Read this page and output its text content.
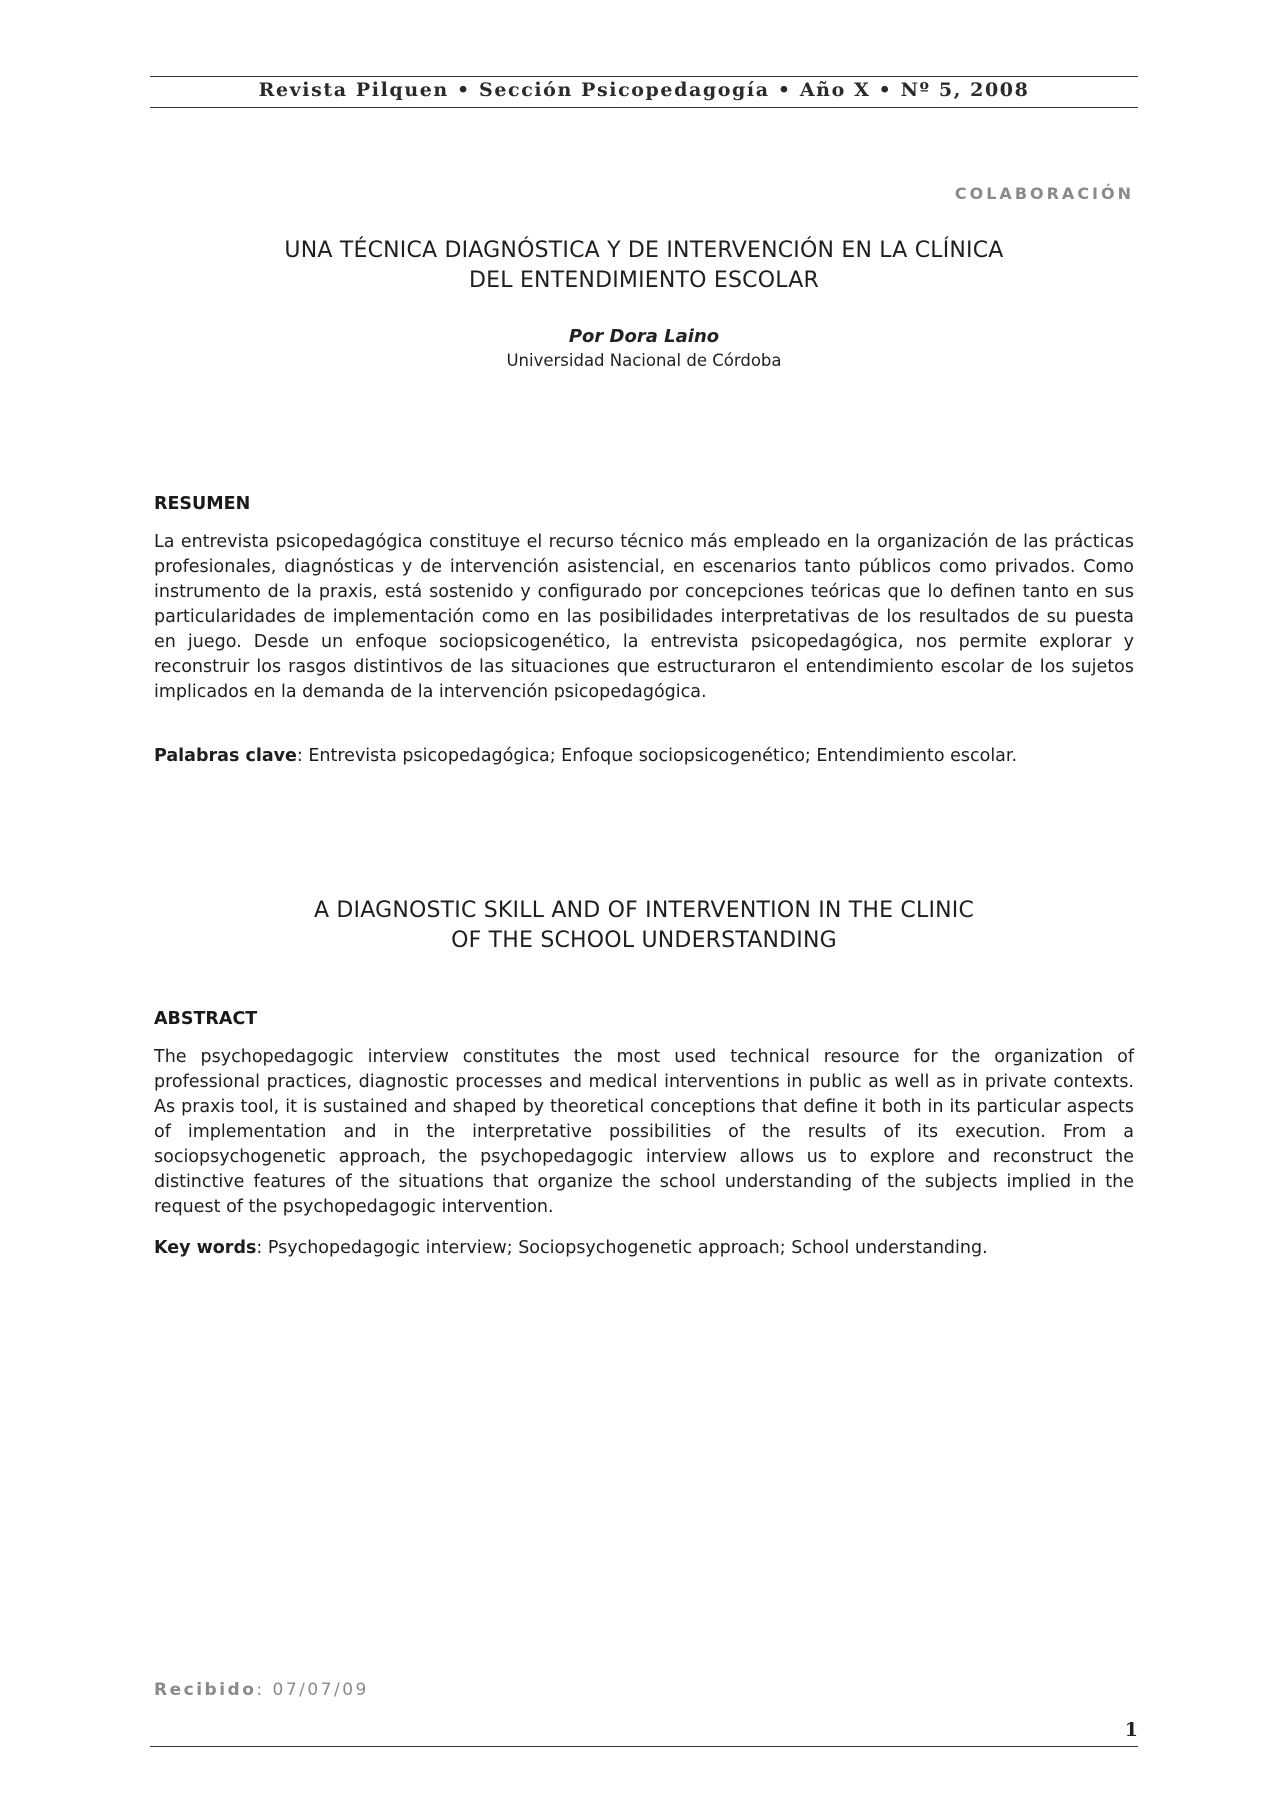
Revista Pilquen • Sección Psicopedagogía • Año X • Nº 5, 2008
COLABORACIÓN
UNA TÉCNICA DIAGNÓSTICA Y DE INTERVENCIÓN EN LA CLÍNICA
DEL ENTENDIMIENTO ESCOLAR
Por Dora Laino
Universidad Nacional de Córdoba
RESUMEN
La entrevista psicopedagógica constituye el recurso técnico más empleado en la organización de las prácticas profesionales, diagnósticas y de intervención asistencial, en escenarios tanto públicos como privados. Como instrumento de la praxis, está sostenido y configurado por concepciones teóricas que lo definen tanto en sus particularidades de implementación como en las posibilidades interpretativas de los resultados de su puesta en juego. Desde un enfoque sociopsicogenético, la entrevista psicopedagógica, nos permite explorar y reconstruir los rasgos distintivos de las situaciones que estructuraron el entendimiento escolar de los sujetos implicados en la demanda de la intervención psicopedagógica.
Palabras clave: Entrevista psicopedagógica; Enfoque sociopsicogenético; Entendimiento escolar.
A DIAGNOSTIC SKILL AND OF INTERVENTION IN THE CLINIC
OF THE SCHOOL UNDERSTANDING
ABSTRACT
The psychopedagogic interview constitutes the most used technical resource for the organization of professional practices, diagnostic processes and medical interventions in public as well as in private contexts. As praxis tool, it is sustained and shaped by theoretical conceptions that define it both in its particular aspects of implementation and in the interpretative possibilities of the results of its execution. From a sociopsychogenetic approach, the psychopedagogic interview allows us to explore and reconstruct the distinctive features of the situations that organize the school understanding of the subjects implied in the request of the psychopedagogic intervention.
Key words: Psychopedagogic interview; Sociopsychogenetic approach; School understanding.
Recibido: 07/07/09
1
